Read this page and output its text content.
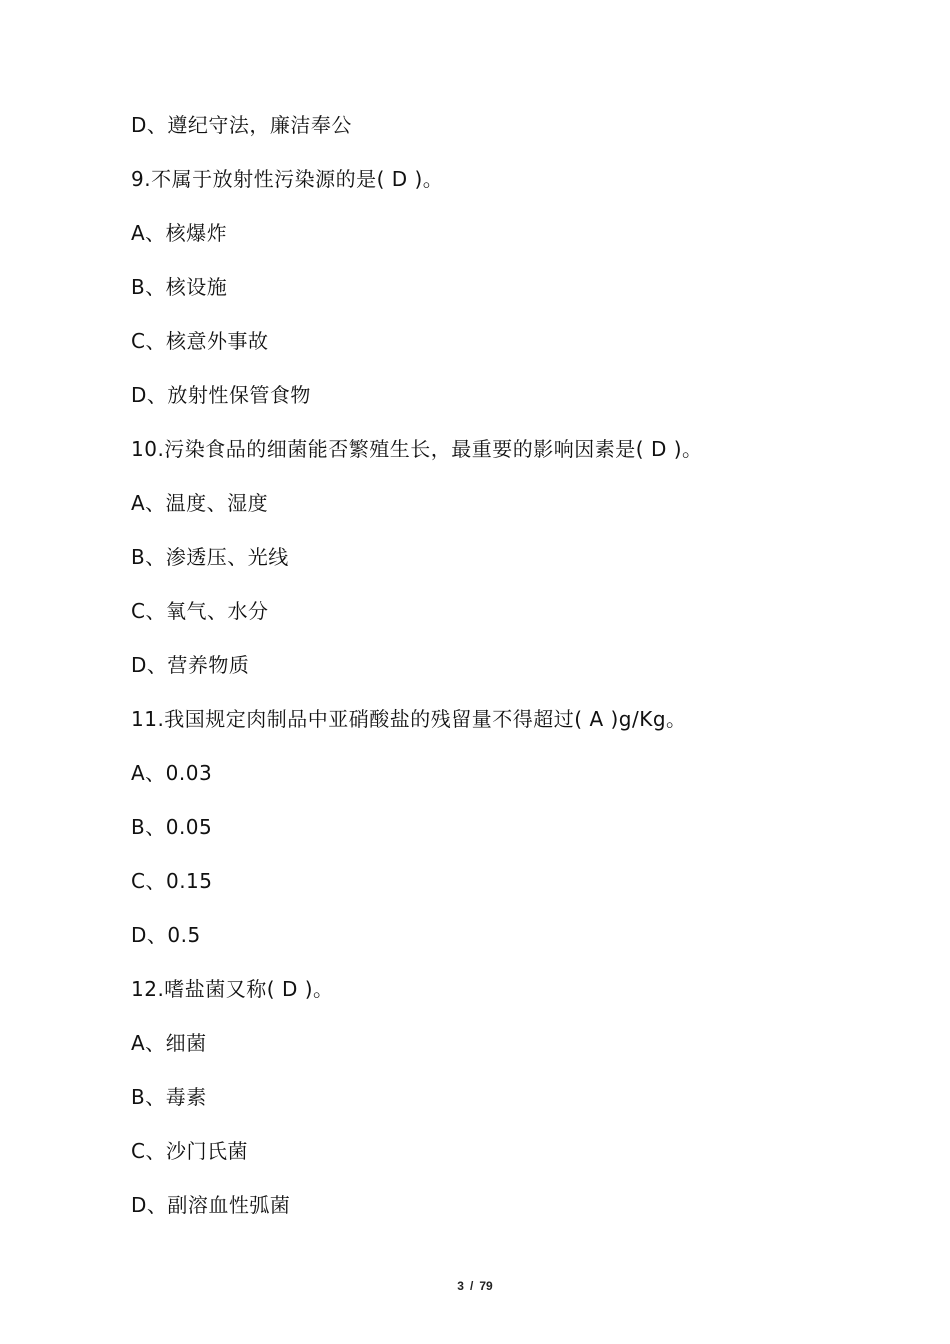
D、遵纪守法，廉洁奉公
9.不属于放射性污染源的是( D )。
A、核爆炸
B、核设施
C、核意外事故
D、放射性保管食物
10.污染食品的细菌能否繁殖生长，最重要的影响因素是( D )。
A、温度、湿度
B、渗透压、光线
C、氧气、水分
D、营养物质
11.我国规定肉制品中亚硝酸盐的残留量不得超过( A )g/Kg。
A、0.03
B、0.05
C、0.15
D、0.5
12.嗜盐菌又称( D )。
A、细菌
B、毒素
C、沙门氏菌
D、副溶血性弧菌
3 / 79
